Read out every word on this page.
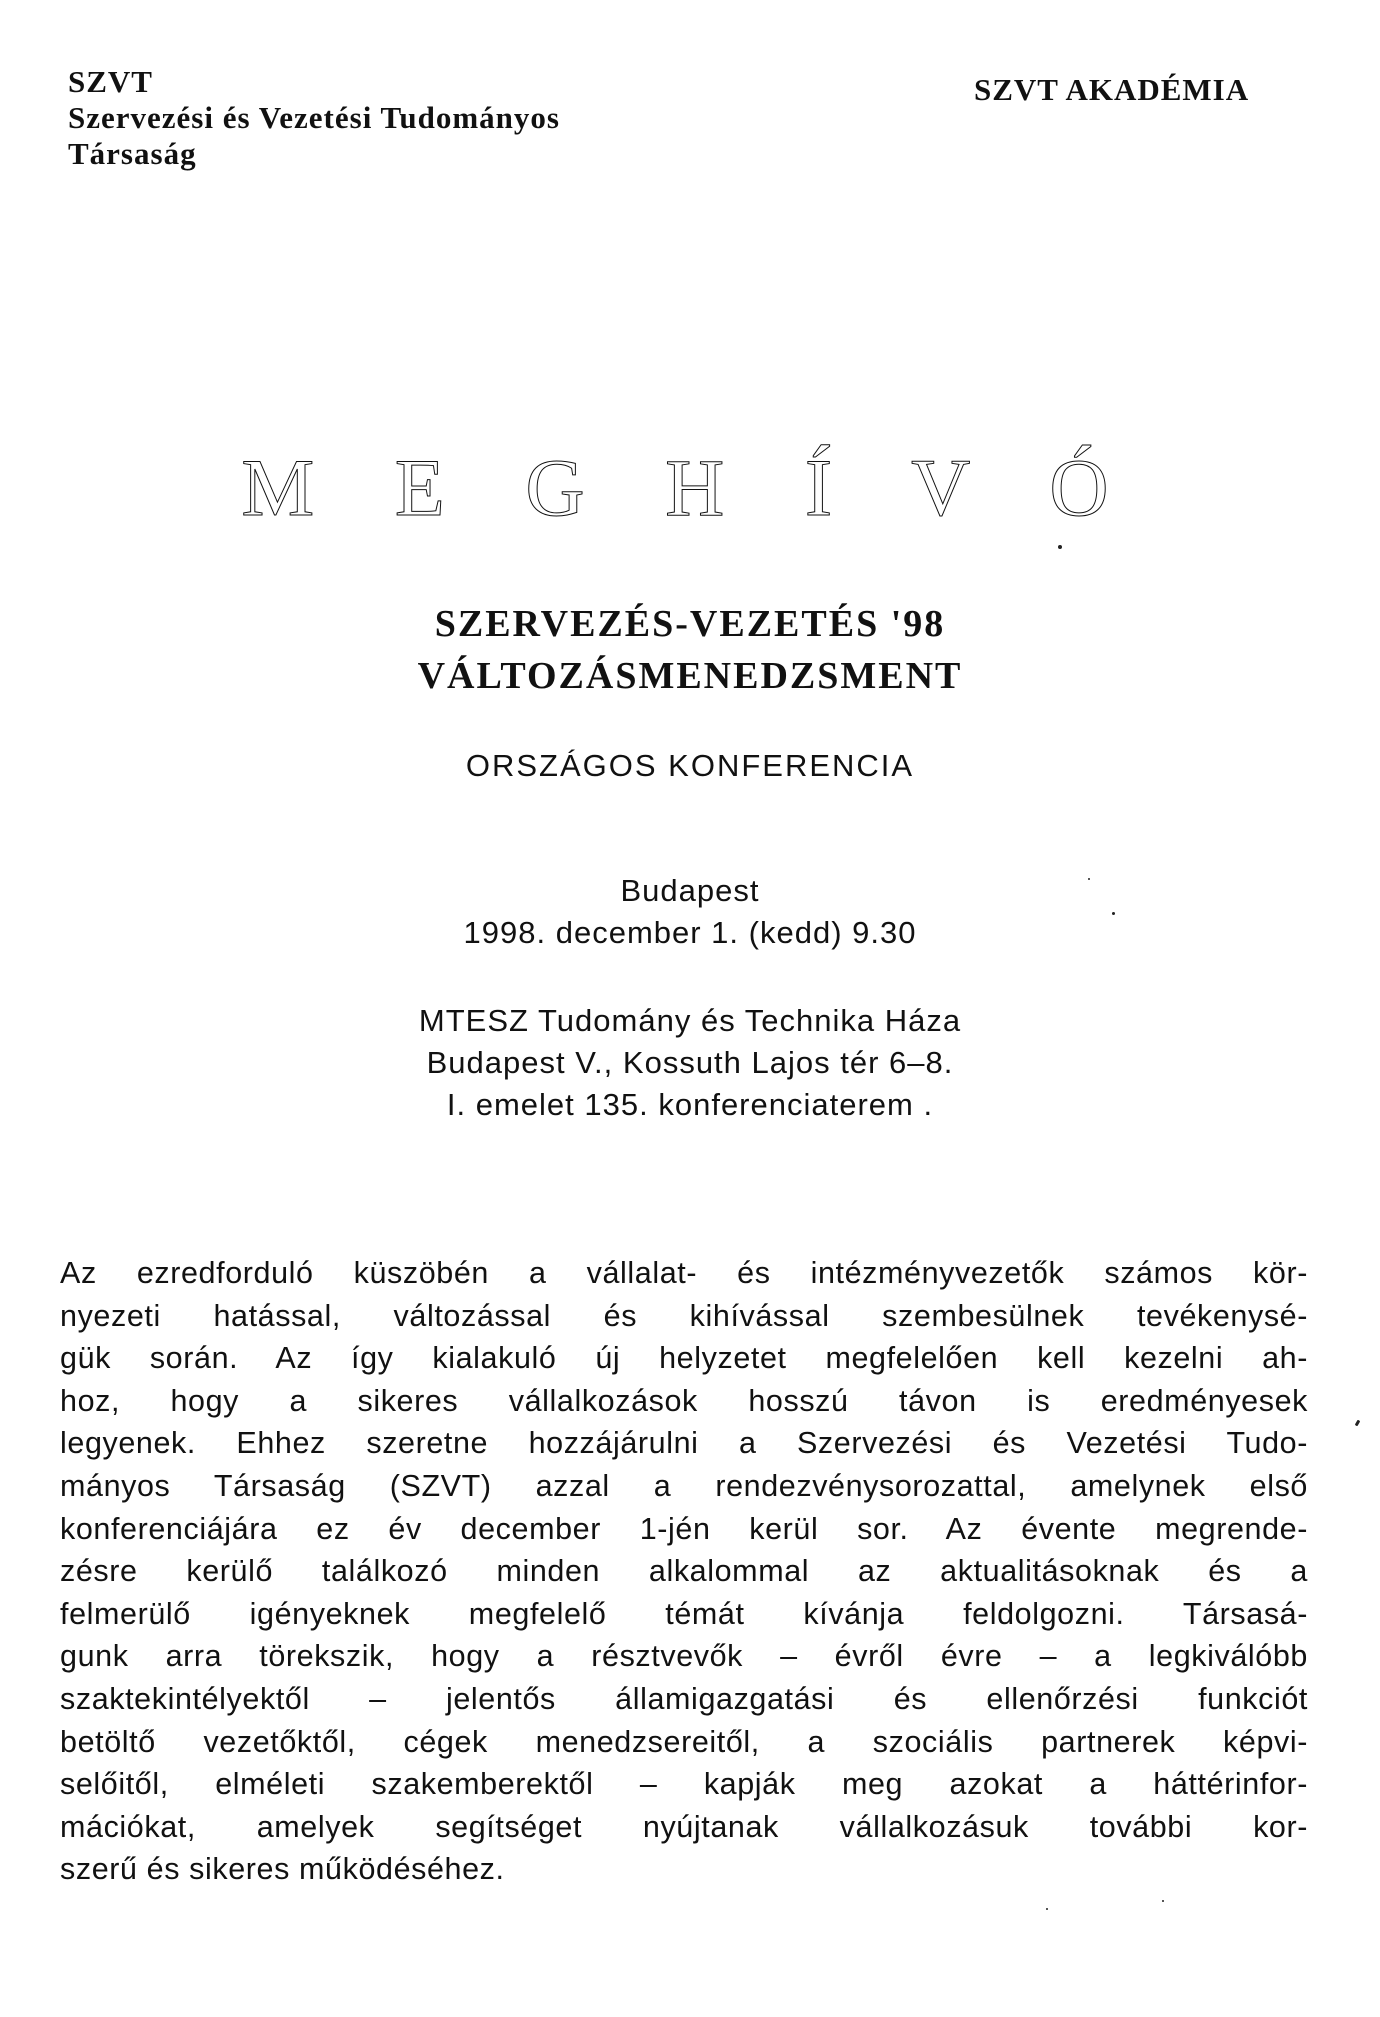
SZVT
Szervezési és Vezetési Tudományos
Társaság
SZVT AKADÉMIA
M E G H Í V Ó
SZERVEZÉS-VEZETÉS '98
VÁLTOZÁSMENEDZSMENT
ORSZÁGOS KONFERENCIA
Budapest
1998. december 1. (kedd) 9.30
MTESZ Tudomány és Technika Háza
Budapest V., Kossuth Lajos tér 6–8.
I. emelet 135. konferenciaterem .
Az ezredforduló küszöbén a vállalat- és intézményvezetők számos kör-
nyezeti hatással, változással és kihívással szembesülnek tevékenysé-
gük során. Az így kialakuló új helyzetet megfelelően kell kezelni ah-
hoz, hogy a sikeres vállalkozások hosszú távon is eredményesek
legyenek. Ehhez szeretne hozzájárulni a Szervezési és Vezetési Tudo-
mányos Társaság (SZVT) azzal a rendezvénysorozattal, amelynek első
konferenciájára ez év december 1-jén kerül sor. Az évente megrende-
zésre kerülő találkozó minden alkalommal az aktualitásoknak és a
felmerülő igényeknek megfelelő témát kívánja feldolgozni. Társasá-
gunk arra törekszik, hogy a résztvevők – évről évre – a legkiválóbb
szaktekintélyektől – jelentős államigazgatási és ellenőrzési funkciót
betöltő vezetőktől, cégek menedzsereitől, a szociális partnerek képvi-
selőitől, elméleti szakemberektől – kapják meg azokat a háttérinfor-
mációkat, amelyek segítséget nyújtanak vállalkozásuk további kor-
szerű és sikeres működéséhez.
